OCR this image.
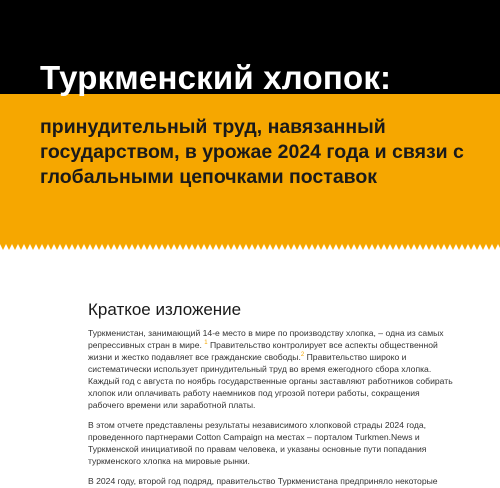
Туркменский хлопок:
принудительный труд, навязанный государством, в урожае 2024 года и связи с глобальными цепочками поставок
Краткое изложение

Туркменистан, занимающий 14-е место в мире по производству хлопка, – одна из самых репрессивных стран в мире. $^1$ Правительство контролирует все аспекты общественной жизни и жестко подавляет все гражданские свободы.$^2$ Правительство широко и систематически использует принудительный труд во время ежегодного сбора хлопка. Каждый год с августа по ноябрь государственные органы заставляют работников собирать хлопок или оплачивать работу наемников под угрозой потери работы, сокращения рабочего времени или заработной платы.

В этом отчете представлены результаты независимого хлопковой страды 2024 года, проведенного партнерами Cotton Campaign на местах – порталом Turkmen.News и Туркменской инициативой по правам человека, и указаны основные пути попадания туркменского хлопка на мировые рынки.

В 2024 году, второй год подряд, правительство Туркменистана предприняло некоторые
